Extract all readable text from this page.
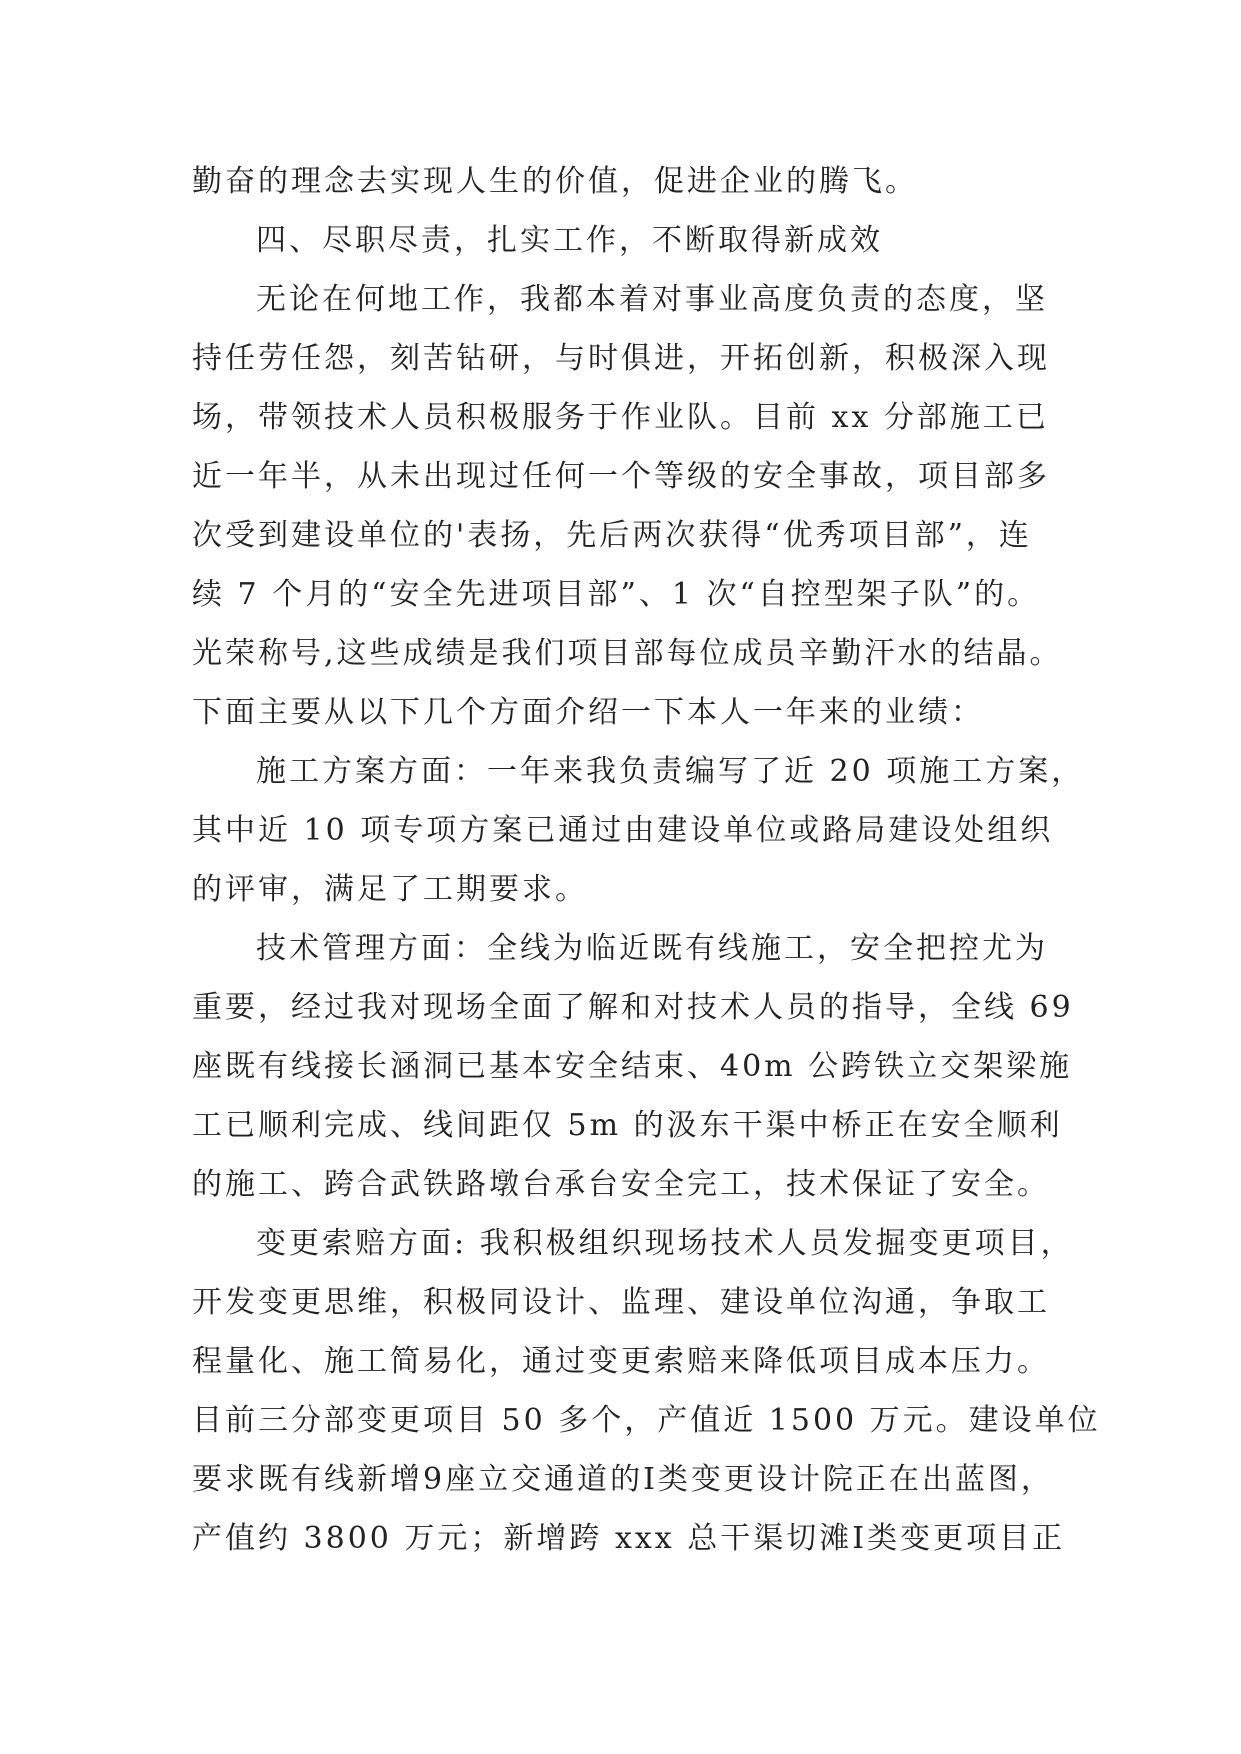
勤奋的理念去实现人生的价值，促进企业的腾飞。
四、尽职尽责，扎实工作，不断取得新成效
无论在何地工作，我都本着对事业高度负责的态度，坚
持任劳任怨，刻苦钻研，与时俱进，开拓创新，积极深入现
场，带领技术人员积极服务于作业队。目前 xx 分部施工已
近一年半，从未出现过任何一个等级的安全事故，项目部多
次受到建设单位的'表扬，先后两次获得“优秀项目部”，连
续 7 个月的“安全先进项目部”、1 次“自控型架子队”的。
光荣称号,这些成绩是我们项目部每位成员辛勤汗水的结晶。
下面主要从以下几个方面介绍一下本人一年来的业绩：
施工方案方面：一年来我负责编写了近 20 项施工方案，
其中近 10 项专项方案已通过由建设单位或路局建设处组织
的评审，满足了工期要求。
技术管理方面：全线为临近既有线施工，安全把控尤为
重要，经过我对现场全面了解和对技术人员的指导，全线 69
座既有线接长涵洞已基本安全结束、40m 公跨铁立交架梁施
工已顺利完成、线间距仅 5m 的汲东干渠中桥正在安全顺利
的施工、跨合武铁路墩台承台安全完工，技术保证了安全。
变更索赔方面: 我积极组织现场技术人员发掘变更项目，
开发变更思维，积极同设计、监理、建设单位沟通，争取工
程量化、施工简易化，通过变更索赔来降低项目成本压力。
目前三分部变更项目 50 多个，产值近 1500 万元。建设单位
要求既有线新增9座立交通道的Ⅰ类变更设计院正在出蓝图，
产值约 3800 万元；新增跨 xxx 总干渠切滩Ⅰ类变更项目正
